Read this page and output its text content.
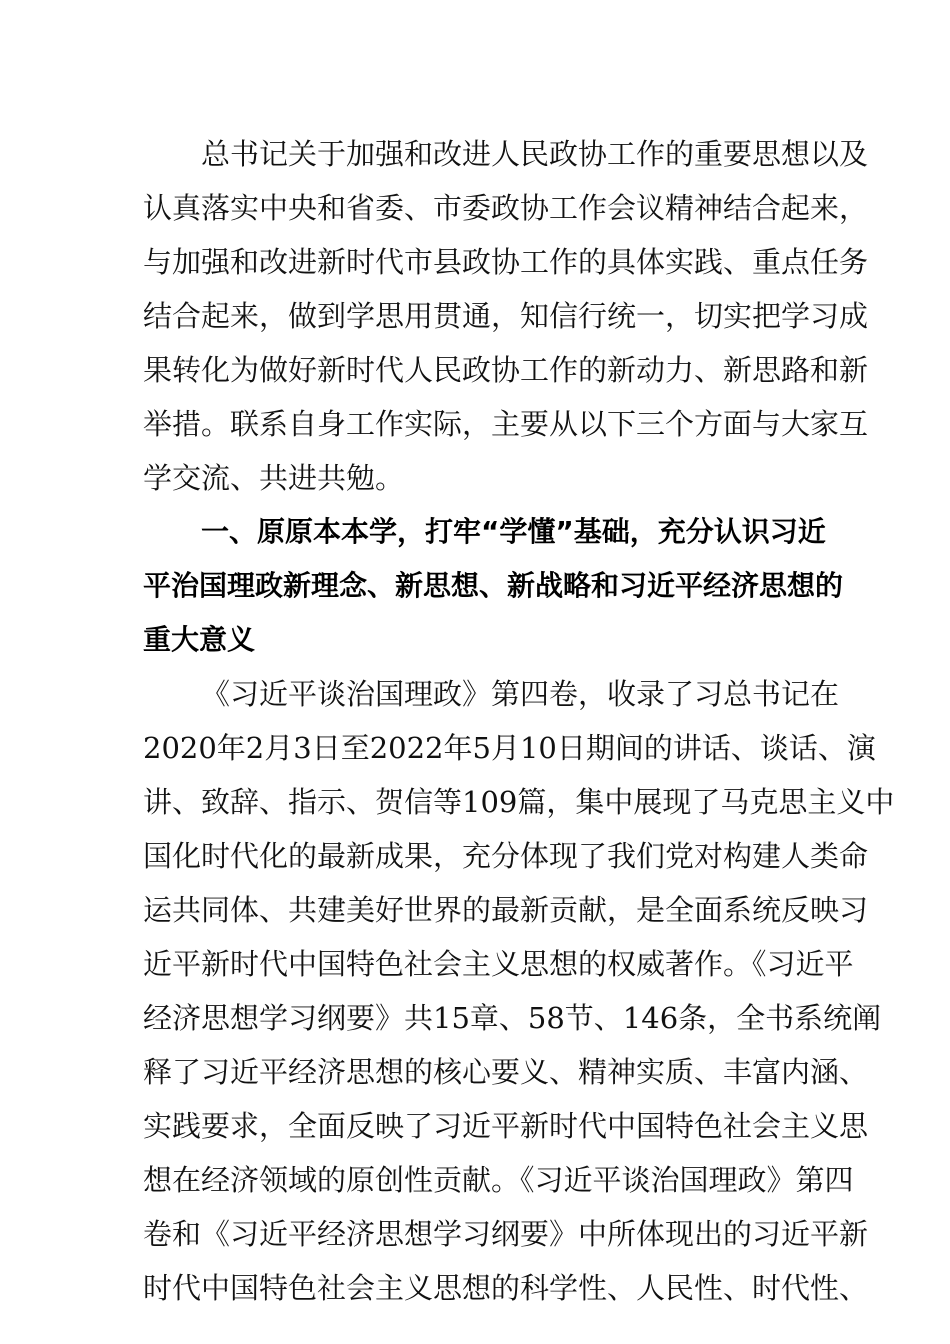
总书记关于加强和改进人民政协工作的重要思想以及
认真落实中央和省委、市委政协工作会议精神结合起来，
与加强和改进新时代市县政协工作的具体实践、重点任务
结合起来，做到学思用贯通，知信行统一，切实把学习成
果转化为做好新时代人民政协工作的新动力、新思路和新
举措。联系自身工作实际，主要从以下三个方面与大家互
学交流、共进共勉。
一、原原本本学，打牢“学懂”基础，充分认识习近
平治国理政新理念、新思想、新战略和习近平经济思想的
重大意义
《习近平谈治国理政》第四卷，收录了习总书记在
2020年2月3日至2022年5月10日期间的讲话、谈话、演
讲、致辞、指示、贺信等109篇，集中展现了马克思主义中
国化时代化的最新成果，充分体现了我们党对构建人类命
运共同体、共建美好世界的最新贡献，是全面系统反映习
近平新时代中国特色社会主义思想的权威著作。《习近平
经济思想学习纲要》共15章、58节、146条，全书系统阐
释了习近平经济思想的核心要义、精神实质、丰富内涵、
实践要求，全面反映了习近平新时代中国特色社会主义思
想在经济领域的原创性贡献。《习近平谈治国理政》第四
卷和《习近平经济思想学习纲要》中所体现出的习近平新
时代中国特色社会主义思想的科学性、人民性、时代性、
